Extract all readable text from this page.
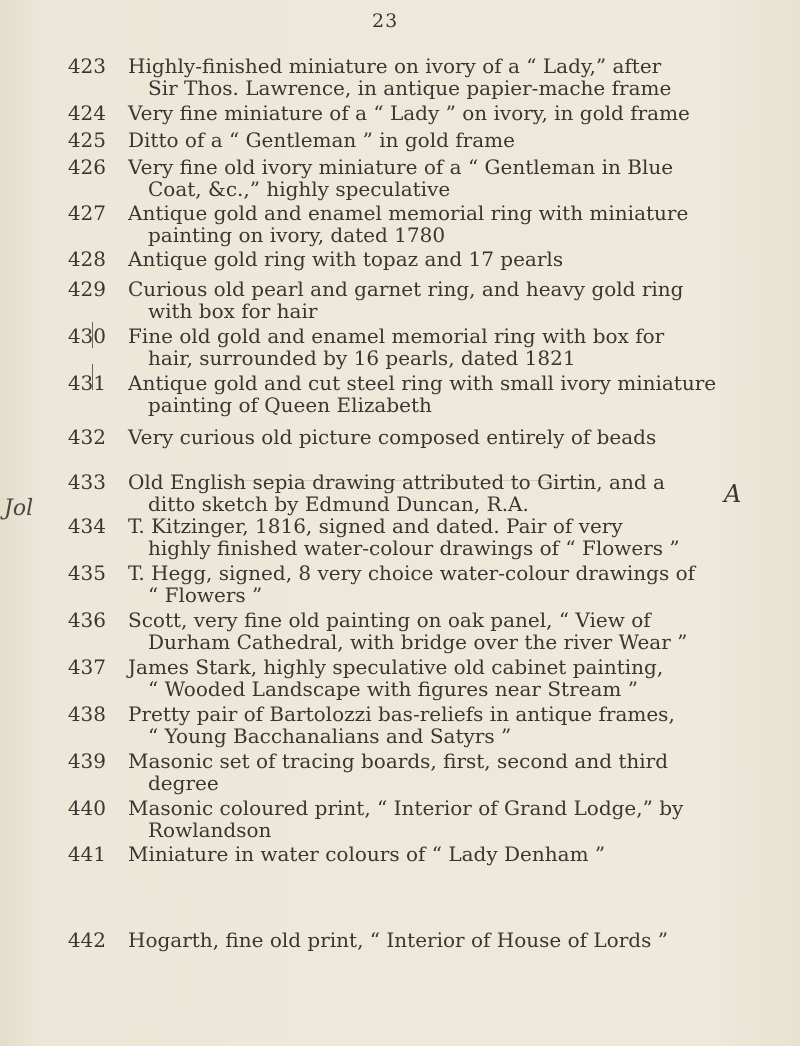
23
Jol
A
423 Highly-finished miniature on ivory of a “ Lady,” after
Sir Thos. Lawrence, in antique papier-mache frame
424 Very fine miniature of a “ Lady ” on ivory, in gold frame
425 Ditto of a “ Gentleman ” in gold frame
426 Very fine old ivory miniature of a “ Gentleman in Blue
Coat, &c.,” highly speculative
427 Antique gold and enamel memorial ring with miniature
painting on ivory, dated 1780
428 Antique gold ring with topaz and 17 pearls
429 Curious old pearl and garnet ring, and heavy gold ring
with box for hair
430 Fine old gold and enamel memorial ring with box for
hair, surrounded by 16 pearls, dated 1821
431 Antique gold and cut steel ring with small ivory miniature
painting of Queen Elizabeth
432 Very curious old picture composed entirely of beads
433 Old English sepia drawing attributed to Girtin, and a
ditto sketch by Edmund Duncan, R.A.
434 T. Kitzinger, 1816, signed and dated. Pair of very
highly finished water-colour drawings of “ Flowers ”
435 T. Hegg, signed, 8 very choice water-colour drawings of
“ Flowers ”
436 Scott, very fine old painting on oak panel, “ View of
Durham Cathedral, with bridge over the river Wear ”
437 James Stark, highly speculative old cabinet painting,
“ Wooded Landscape with figures near Stream ”
438 Pretty pair of Bartolozzi bas-reliefs in antique frames,
“ Young Bacchanalians and Satyrs ”
439 Masonic set of tracing boards, first, second and third
degree
440 Masonic coloured print, “ Interior of Grand Lodge,” by
Rowlandson
441 Miniature in water colours of “ Lady Denham ”
442 Hogarth, fine old print, “ Interior of House of Lords ”
